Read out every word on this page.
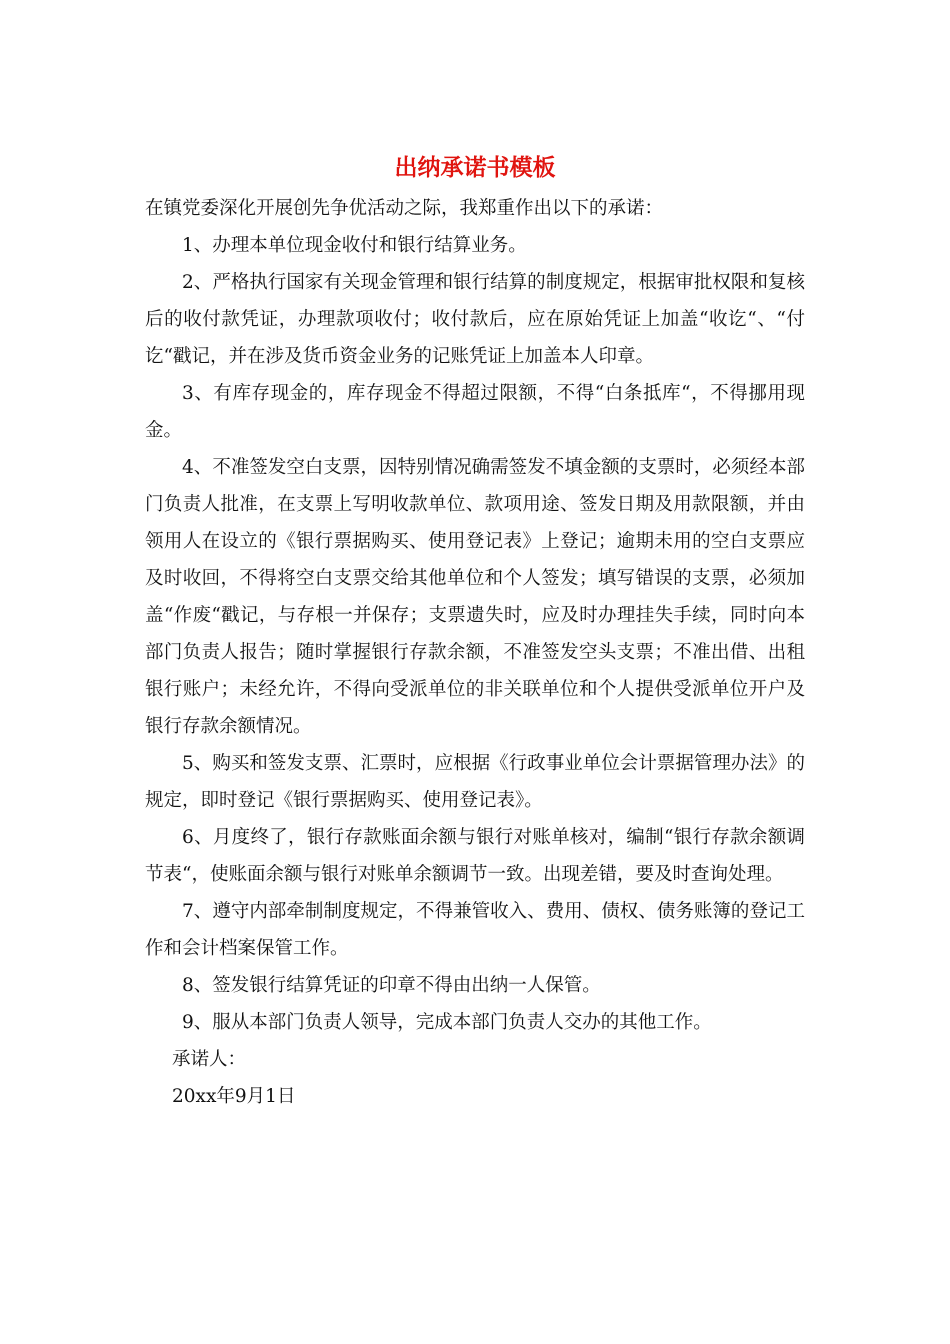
出纳承诺书模板

在镇党委深化开展创先争优活动之际，我郑重作出以下的承诺：

1、办理本单位现金收付和银行结算业务。

2、严格执行国家有关现金管理和银行结算的制度规定，根据审批权限和复核后的收付款凭证，办理款项收付；收付款后，应在原始凭证上加盖“收讫“、“付讫“戳记，并在涉及货币资金业务的记账凭证上加盖本人印章。

3、有库存现金的，库存现金不得超过限额，不得“白条抵库“，不得挪用现金。

4、不准签发空白支票，因特别情况确需签发不填金额的支票时，必须经本部门负责人批准，在支票上写明收款单位、款项用途、签发日期及用款限额，并由领用人在设立的《银行票据购买、使用登记表》上登记；逾期未用的空白支票应及时收回，不得将空白支票交给其他单位和个人签发；填写错误的支票，必须加盖“作废“戳记，与存根一并保存；支票遗失时，应及时办理挂失手续，同时向本部门负责人报告；随时掌握银行存款余额，不准签发空头支票；不准出借、出租银行账户；未经允许，不得向受派单位的非关联单位和个人提供受派单位开户及银行存款余额情况。

5、购买和签发支票、汇票时，应根据《行政事业单位会计票据管理办法》的规定，即时登记《银行票据购买、使用登记表》。

6、月度终了，银行存款账面余额与银行对账单核对，编制“银行存款余额调节表“，使账面余额与银行对账单余额调节一致。出现差错，要及时查询处理。

7、遵守内部牵制制度规定，不得兼管收入、费用、债权、债务账簿的登记工作和会计档案保管工作。

8、签发银行结算凭证的印章不得由出纳一人保管。

9、服从本部门负责人领导，完成本部门负责人交办的其他工作。

承诺人：

20xx年9月1日
